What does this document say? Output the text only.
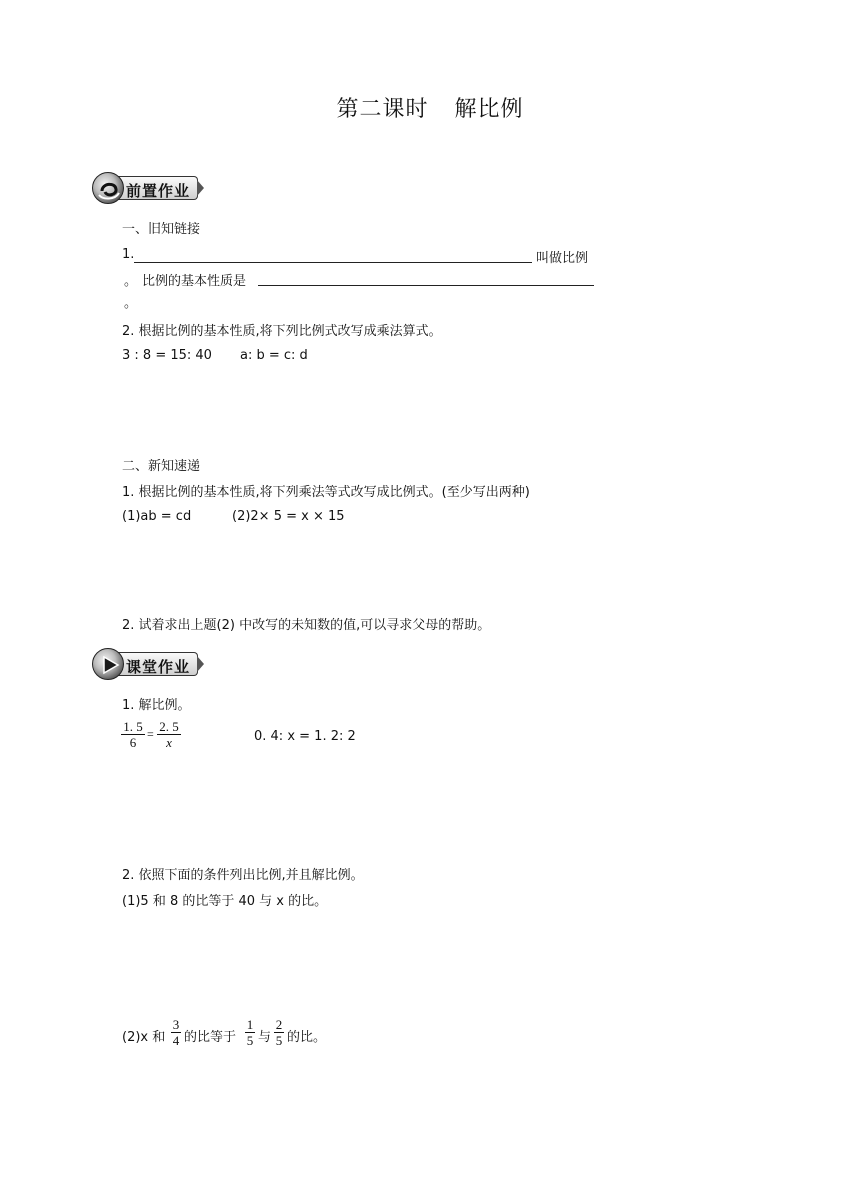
第二课时 解比例
前置作业
一、旧知链接
1.	叫做比例
。 比例的基本性质是
。
2. 根据比例的基本性质,将下列比例式改写成乘法算式。
3 : 8 = 15: 40 a: b = c: d
二、新知速递
1. 根据比例的基本性质,将下列乘法等式改写成比例式。(至少写出两种)
(1)ab = cd	(2)2× 5 = x × 15
2. 试着求出上题(2) 中改写的未知数的值,可以寻求父母的帮助。
课堂作业
1. 解比例。
1. 5
6
= 2. 5
x	0. 4: x = 1. 2: 2
2. 依照下面的条件列出比例,并且解比例。
(1)5 和 8 的比等于 40 与 x 的比。
(2)x 和
3
4 的比等于
1
5 与
2
5 的比。
